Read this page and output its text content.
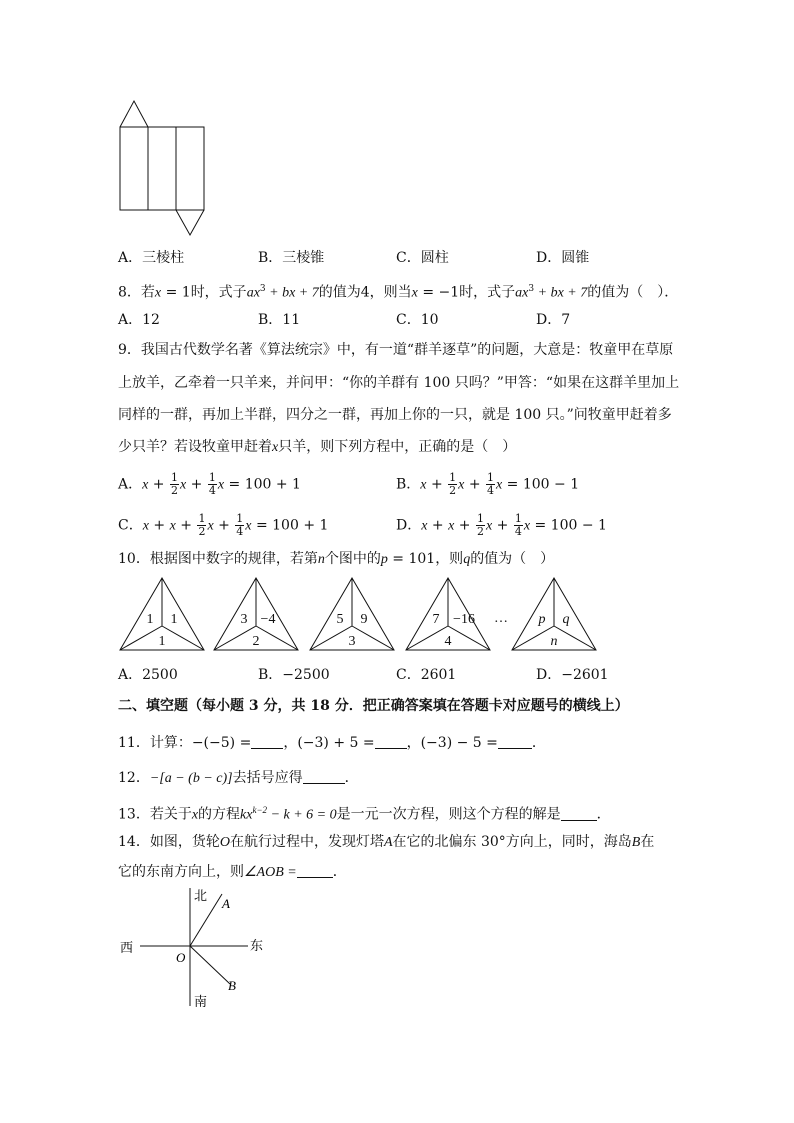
A．三棱柱	B．三棱锥	C．圆柱	D．圆锥
8．若x = 1时，式子$ax^3$ + bx + 7的值为4，则当x = −1时，式子$ax^3$ + bx + 7的值为（　）．
A．12	B．11	C．10	D．7
9．我国古代数学名著《算法统宗》中，有一道“群羊逐草”的问题，大意是：牧童甲在草原
上放羊，乙牵着一只羊来，并问甲：“你的羊群有 100 只吗？”甲答：“如果在这群羊里加上
同样的一群，再加上半群，四分之一群，再加上你的一只，就是 100 只。”问牧童甲赶着多
少只羊？若设牧童甲赶着x只羊，则下列方程中，正确的是（　）
A．$x + \frac{1}{2}$ $x + \frac{1}{4}$ x = 100 + 1	B．$x + \frac{1}{2}$ $x + \frac{1}{4}$ x = 100 − 1
C．$x + x + \frac{1}{2}$ $x + \frac{1}{4}$ x = 100 + 1	D．$x + x + \frac{1}{2}$ $x + \frac{1}{4}$ x = 100 − 1
10．根据图中数字的规律，若第n个图中的p = 101，则q的值为（　）
1 1
1
3 −4
2
5 9
3
7 −16
4
p q
n
…
A．2500	B．−2500	C．2601	D．−2601
二、填空题（每小题 3 分，共 18 分．把正确答案填在答题卡对应题号的横线上）
11．计算：−(−5) = ，(−3) + 5 = ，(−3) − 5 = ．
12．−[a − (b − c)]去括号应得	．
13．若关于x的方程$kx^{k-2} - k + 6 = 0$是一元一次方程，则这个方程的解是	．
14．如图，货轮O在航行过程中，发现灯塔A在它的北偏东 30°方向上，同时，海岛B在
它的东南方向上，则∠AOB =	．
北
南
东
西
O
A
B
